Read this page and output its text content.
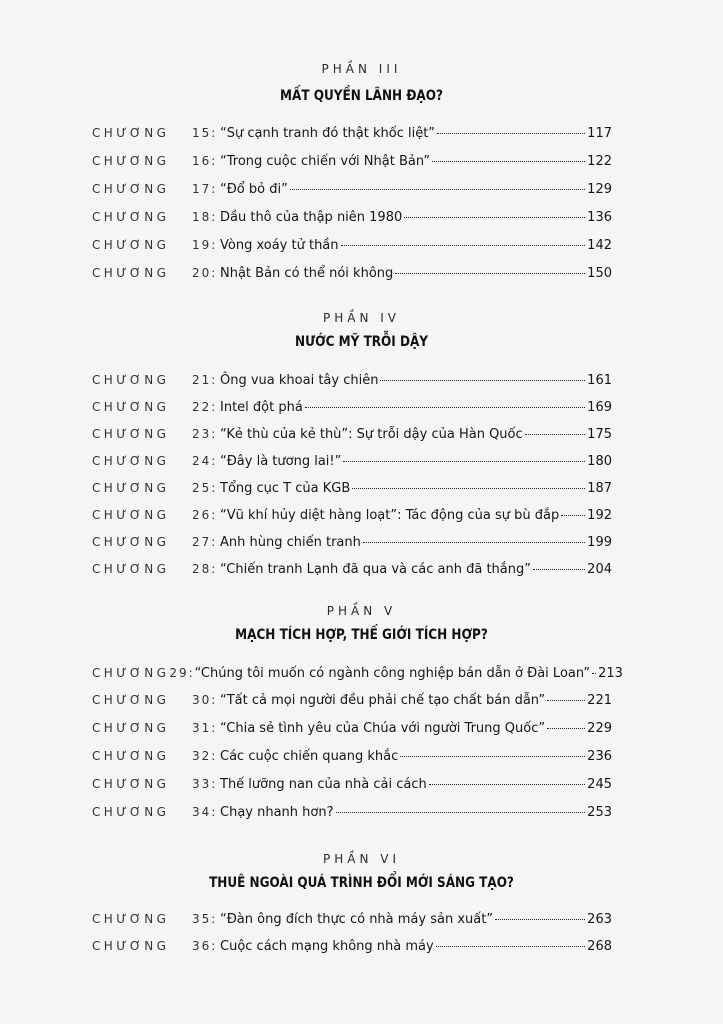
PHẦN III
MẤT QUYỀN LÃNH ĐẠO?
CHƯƠNG	15: “Sự cạnh tranh đó thật khốc liệt”	117
CHƯƠNG	16: “Trong cuộc chiến với Nhật Bản”	122
CHƯƠNG	17: “Đổ bỏ đi”	129
CHƯƠNG	18: Dầu thô của thập niên 1980	136
CHƯƠNG	19: Vòng xoáy tử thần	142
CHƯƠNG	20: Nhật Bản có thể nói không	150
PHẦN IV
NƯỚC MỸ TRỖI DẬY
CHƯƠNG	21: Ông vua khoai tây chiên	161
CHƯƠNG	22: Intel đột phá	169
CHƯƠNG	23: “Kẻ thù của kẻ thù”: Sự trỗi dậy của Hàn Quốc	175
CHƯƠNG	24: “Đây là tương lai!”	180
CHƯƠNG	25: Tổng cục T của KGB	187
CHƯƠNG	26: “Vũ khí hủy diệt hàng loạt”: Tác động của sự bù đắp 192
CHƯƠNG	27: Anh hùng chiến tranh	199
CHƯƠNG	28: “Chiến tranh Lạnh đã qua và các anh đã thắng”	204
PHẦN V
MẠCH TÍCH HỢP, THẾ GIỚI TÍCH HỢP?
CHƯƠNG 29: “Chúng tôi muốn có ngành công nghiệp bán dẫn ở Đài Loan” 213
CHƯƠNG	30: “Tất cả mọi người đều phải chế tạo chất bán dẫn”	221
CHƯƠNG	31: “Chia sẻ tình yêu của Chúa với người Trung Quốc”	229
CHƯƠNG	32: Các cuộc chiến quang khắc	236
CHƯƠNG	33: Thế lưỡng nan của nhà cải cách	245
CHƯƠNG	34: Chạy nhanh hơn?	253
PHẦN VI
THUÊ NGOÀI QUÁ TRÌNH ĐỔI MỚI SÁNG TẠO?
CHƯƠNG	35: “Đàn ông đích thực có nhà máy sản xuất”	263
CHƯƠNG	36: Cuộc cách mạng không nhà máy	268
